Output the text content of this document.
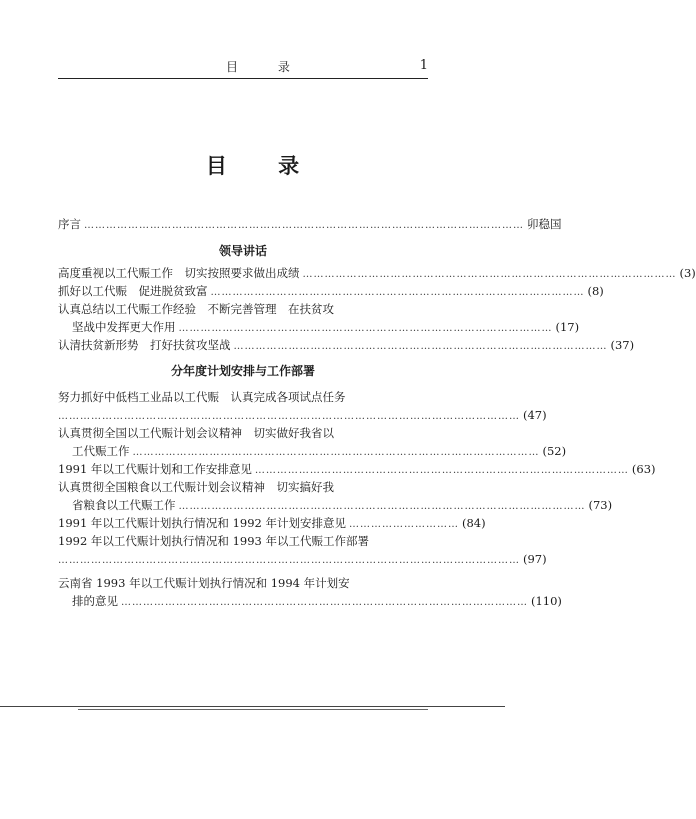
目 录	1
目 录
序言 ………………………………………………………………………………………………………… 卯稳国
领导讲话
高度重视以工代赈工作　切实按照要求做出成绩 ………………………………………………………………………………………… (3)
抓好以工代赈　促进脱贫致富 ………………………………………………………………………………………… (8)
认真总结以工代赈工作经验　不断完善管理　在扶贫攻
坚战中发挥更大作用 ………………………………………………………………………………………… (17)
认清扶贫新形势　打好扶贫攻坚战 ………………………………………………………………………………………… (37)
分年度计划安排与工作部署
努力抓好中低档工业品以工代赈　认真完成各项试点任务
……………………………………………………………………………………………………………… (47)
认真贯彻全国以工代赈计划会议精神　切实做好我省以
工代赈工作 ………………………………………………………………………………………………… (52)
1991 年以工代赈计划和工作安排意见 ………………………………………………………………………………………… (63)
认真贯彻全国粮食以工代赈计划会议精神　切实搞好我
省粮食以工代赈工作 ………………………………………………………………………………………………… (73)
1991 年以工代赈计划执行情况和 1992 年计划安排意见 ………………………… (84)
1992 年以工代赈计划执行情况和 1993 年以工代赈工作部署
……………………………………………………………………………………………………………… (97)
云南省 1993 年以工代赈计划执行情况和 1994 年计划安
排的意见 ………………………………………………………………………………………………… (110)
